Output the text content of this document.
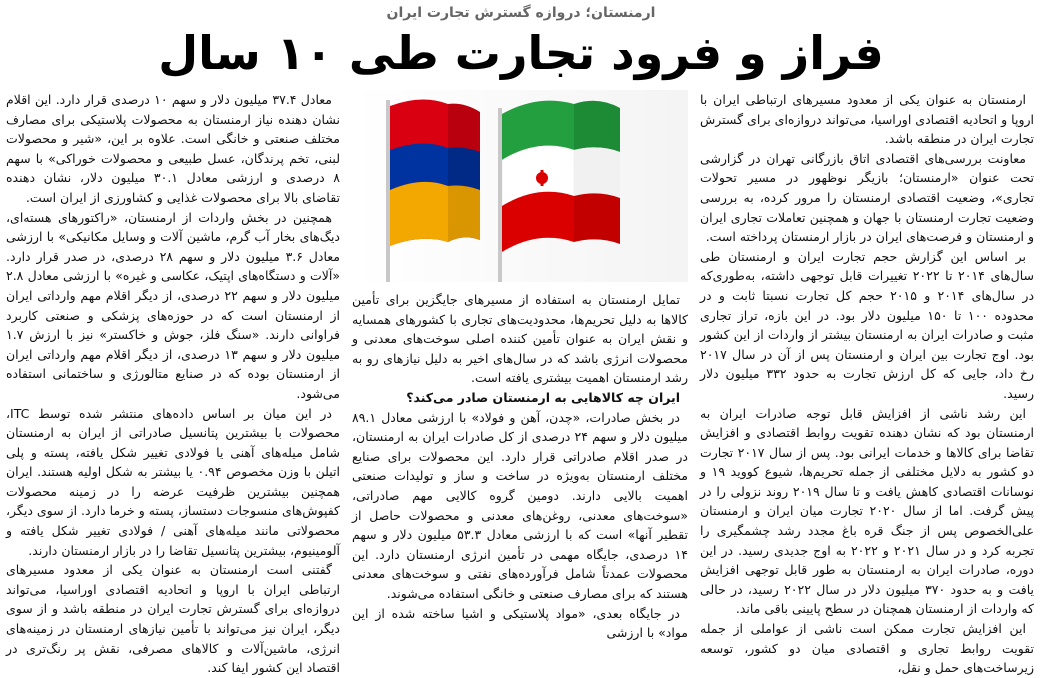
ارمنستان؛ دروازه گسترش تجارت ایران
فراز و فرود تجارت طی ۱۰ سال

ارمنستان به عنوان یکی از معدود مسیرهای ارتباطی ایران با اروپا و اتحادیه اقتصادی اوراسیا، می‌تواند دروازه‌ای برای گسترش تجارت ایران در منطقه باشد.

معاونت بررسی‌های اقتصادی اتاق بازرگانی تهران در گزارشی تحت عنوان «ارمنستان؛ بازیگر نوظهور در مسیر تحولات تجاری»، وضعیت اقتصادی ارمنستان را مرور کرده، به بررسی وضعیت تجارت ارمنستان با جهان و همچنین تعاملات تجاری ایران و ارمنستان و فرصت‌های ایران در بازار ارمنستان پرداخته است.

بر اساس این گزارش حجم تجارت ایران و ارمنستان طی سال‌های ۲۰۱۴ تا ۲۰۲۲ تغییرات قابل توجهی داشته، به‌طوری‌که در سال‌های ۲۰۱۴ و ۲۰۱۵ حجم کل تجارت نسبتا ثابت و در محدوده ۱۰۰ تا ۱۵۰ میلیون دلار بود. در این بازه، تراز تجاری مثبت و صادرات ایران به ارمنستان بیشتر از واردات از این کشور بود. اوج تجارت بین ایران و ارمنستان پس از آن در سال ۲۰۱۷ رخ داد، جایی که کل ارزش تجارت به حدود ۳۳۲ میلیون دلار رسید.

این رشد ناشی از افزایش قابل توجه صادرات ایران به ارمنستان بود که نشان دهنده تقویت روابط اقتصادی و افزایش تقاضا برای کالاها و خدمات ایرانی بود. پس از سال ۲۰۱۷ تجارت دو کشور به دلایل مختلفی از جمله تحریم‌ها، شیوع کووید ۱۹ و نوسانات اقتصادی کاهش یافت و تا سال ۲۰۱۹ روند نزولی را در پیش گرفت. اما از سال ۲۰۲۰ تجارت میان ایران و ارمنستان علی‌الخصوص پس از جنگ قره باغ مجدد رشد چشمگیری را تجربه کرد و در سال ۲۰۲۱ و ۲۰۲۲ به اوج جدیدی رسید. در این دوره، صادرات ایران به ارمنستان به طور قابل توجهی افزایش یافت و به حدود ۳۷۰ میلیون دلار در سال ۲۰۲۲ رسید، در حالی که واردات از ارمنستان همچنان در سطح پایینی باقی ماند.

این افزایش تجارت ممکن است ناشی از عواملی از جمله تقویت روابط تجاری و اقتصادی میان دو کشور، توسعه زیرساخت‌های حمل و نقل،

تمایل ارمنستان به استفاده از مسیرهای جایگزین برای تأمین کالاها به دلیل تحریم‌ها، محدودیت‌های تجاری با کشورهای همسایه و نقش ایران به عنوان تأمین کننده اصلی سوخت‌های معدنی و محصولات انرژی باشد که در سال‌های اخیر به دلیل نیازهای رو به رشد ارمنستان اهمیت بیشتری یافته است.

ایران چه کالاهایی به ارمنستان صادر می‌کند؟

در بخش صادرات، «چدن، آهن و فولاد» با ارزشی معادل ۸۹.۱ میلیون دلار و سهم ۲۴ درصدی از کل صادرات ایران به ارمنستان، در صدر اقلام صادراتی قرار دارد. این محصولات برای صنایع مختلف ارمنستان به‌ویژه در ساخت و ساز و تولیدات صنعتی اهمیت بالایی دارند. دومین گروه کالایی مهم صادراتی، «سوخت‌های معدنی، روغن‌های معدنی و محصولات حاصل از تقطیر آنها» است که با ارزشی معادل ۵۳.۳ میلیون دلار و سهم ۱۴ درصدی، جایگاه مهمی در تأمین انرژی ارمنستان دارد. این محصولات عمدتاً شامل فرآورده‌های نفتی و سوخت‌های معدنی هستند که برای مصارف صنعتی و خانگی استفاده می‌شوند.

در جایگاه بعدی، «مواد پلاستیکی و اشیا ساخته شده از این مواد» با ارزشی

معادل ۳۷.۴ میلیون دلار و سهم ۱۰ درصدی قرار دارد. این اقلام نشان دهنده نیاز ارمنستان به محصولات پلاستیکی برای مصارف مختلف صنعتی و خانگی است. علاوه بر این، «شیر و محصولات لبنی، تخم پرندگان، عسل طبیعی و محصولات خوراکی» با سهم ۸ درصدی و ارزشی معادل ۳۰.۱ میلیون دلار، نشان دهنده تقاضای بالا برای محصولات غذایی و کشاورزی از ایران است.

همچنین در بخش واردات از ارمنستان، «راکتورهای هسته‌ای، دیگ‌های بخار آب گرم، ماشین آلات و وسایل مکانیکی» با ارزشی معادل ۳.۶ میلیون دلار و سهم ۲۸ درصدی، در صدر قرار دارد. «آلات و دستگاه‌های اپتیک، عکاسی و غیره» با ارزشی معادل ۲.۸ میلیون دلار و سهم ۲۲ درصدی، از دیگر اقلام مهم وارداتی ایران از ارمنستان است که در حوزه‌های پزشکی و صنعتی کاربرد فراوانی دارند. «سنگ فلز، جوش و خاکستر» نیز با ارزش ۱.۷ میلیون دلار و سهم ۱۳ درصدی، از دیگر اقلام مهم وارداتی ایران از ارمنستان بوده که در صنایع متالورژی و ساختمانی استفاده می‌شود.

در این میان بر اساس داده‌های منتشر شده توسط ITC، محصولات با بیشترین پتانسیل صادراتی از ایران به ارمنستان شامل میله‌های آهنی یا فولادی تغییر شکل یافته، پسته و پلی اتیلن با وزن مخصوص ۰.۹۴ یا بیشتر به شکل اولیه هستند. ایران همچنین بیشترین ظرفیت عرضه را در زمینه محصولات کفپوش‌های منسوجات دستساز، پسته و خرما دارد. از سوی دیگر، محصولاتی مانند میله‌های آهنی / فولادی تغییر شکل یافته و آلومینیوم، بیشترین پتانسیل تقاضا را در بازار ارمنستان دارند.

گفتنی است ارمنستان به عنوان یکی از معدود مسیرهای ارتباطی ایران با اروپا و اتحادیه اقتصادی اوراسیا، می‌تواند دروازه‌ای برای گسترش تجارت ایران در منطقه باشد و از سوی دیگر، ایران نیز می‌تواند با تأمین نیازهای ارمنستان در زمینه‌های انرژی، ماشین‌آلات و کالاهای مصرفی، نقش پر رنگ‌تری در اقتصاد این کشور ایفا کند.
